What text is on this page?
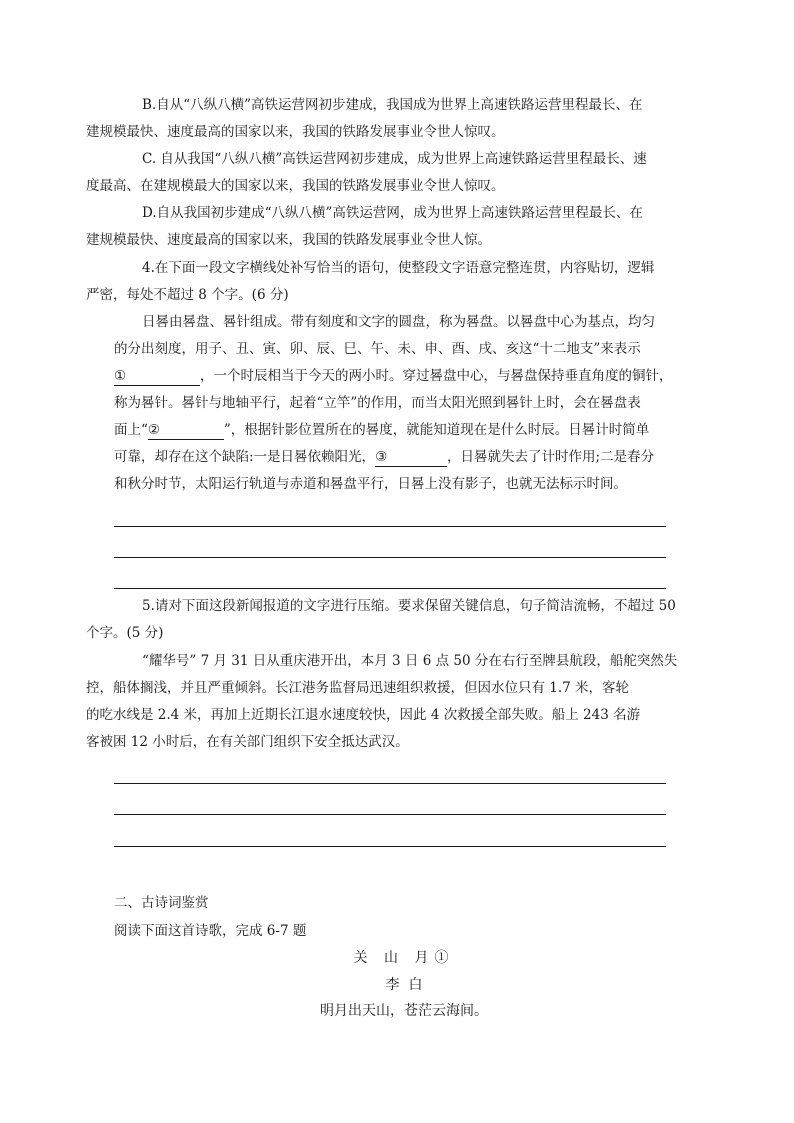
B.自从“八纵八横”高铁运营网初步建成，我国成为世界上高速铁路运营里程最长、在
建规模最快、速度最高的国家以来，我国的铁路发展事业令世人惊叹。

C. 自从我国“八纵八横”高铁运营网初步建成，成为世界上高速铁路运营里程最长、速
度最高、在建规模最大的国家以来，我国的铁路发展事业令世人惊叹。

D.自从我国初步建成“八纵八横”高铁运营网，成为世界上高速铁路运营里程最长、在
建规模最快、速度最高的国家以来，我国的铁路发展事业令世人惊。

4.在下面一段文字横线处补写恰当的语句，使整段文字语意完整连贯，内容贴切，逻辑
严密，每处不超过 8 个字。(6 分)

日晷由晷盘、晷针组成。带有刻度和文字的圆盘，称为晷盘。以晷盘中心为基点，均匀
的分出刻度，用子、丑、寅、卯、辰、巳、午、未、申、酉、戌、亥这“十二地支”来表示
①	，一个时辰相当于今天的两小时。穿过晷盘中心，与晷盘保持垂直角度的铜针，
称为晷针。晷针与地轴平行，起着“立竿”的作用，而当太阳光照到晷针上时，会在晷盘表
面上“②	”，根据针影位置所在的晷度，就能知道现在是什么时辰。日晷计时简单
可靠，却存在这个缺陷:一是日晷依赖阳光，③	，日晷就失去了计时作用;二是春分
和秋分时节，太阳运行轨道与赤道和晷盘平行，日晷上没有影子，也就无法标示时间。

5.请对下面这段新闻报道的文字进行压缩。要求保留关键信息，句子简洁流畅，不超过 50
个字。(5 分)

“耀华号” 7 月 31 日从重庆港开出，本月 3 日 6 点 50 分在右行至牌县航段，船舵突然失
控，船体搁浅，并且严重倾斜。长江港务监督局迅速组织救援，但因水位只有 1.7 米，客轮
的吃水线是 2.4 米，再加上近期长江退水速度较快，因此 4 次救援全部失败。船上 243 名游
客被困 12 小时后，在有关部门组织下安全抵达武汉。

二、古诗词鉴赏

阅读下面这首诗歌，完成 6-7 题

关 山 月①
李  白
明月出天山，苍茫云海间。
